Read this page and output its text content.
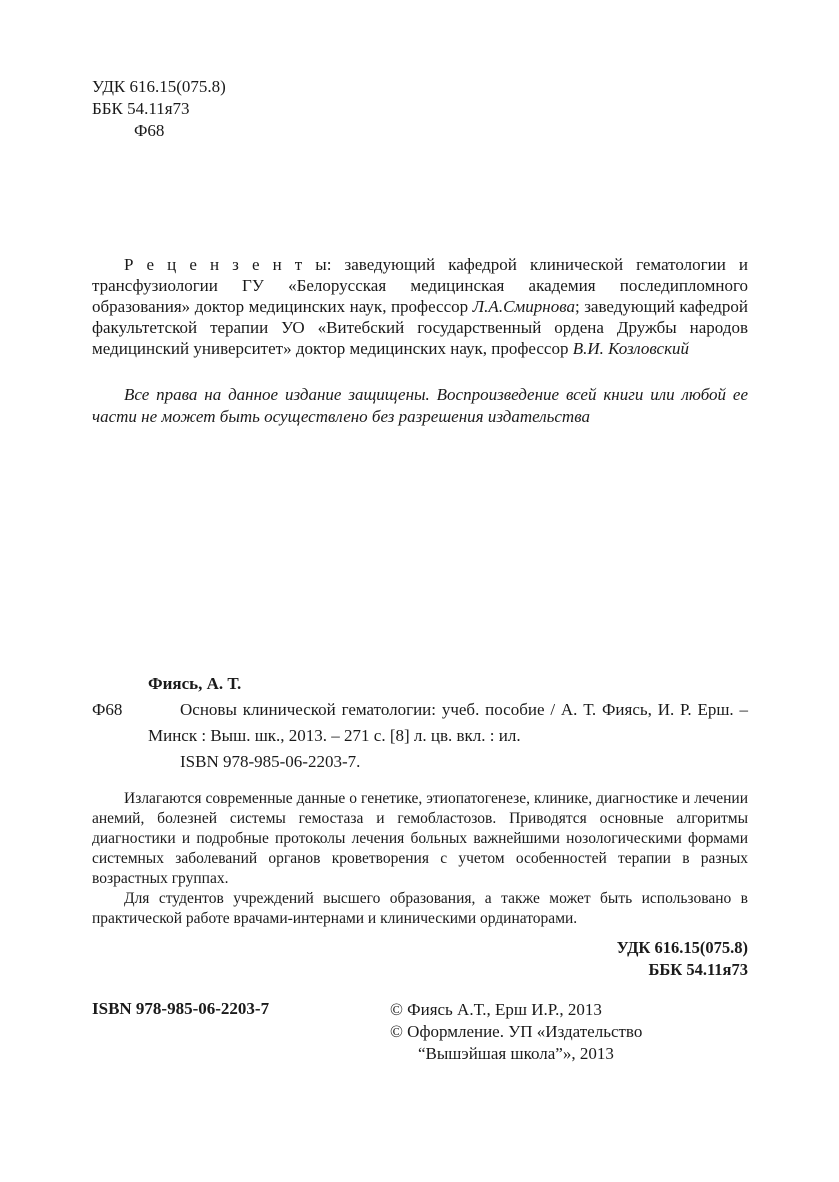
УДК 616.15(075.8)
ББК 54.11я73
Ф68
Р е ц е н з е н т ы: заведующий кафедрой клинической гематологии и трансфузиологии ГУ «Белорусская медицинская академия последипломного образования» доктор медицинских наук, профессор Л.А.Смирнова; заведующий кафедрой факультетской терапии УО «Витебский государственный ордена Дружбы народов медицинский университет» доктор медицинских наук, профессор В.И. Козловский
Все права на данное издание защищены. Воспроизведение всей книги или любой ее части не может быть осуществлено без разрешения издательства
Фиясь, А. Т.
Ф68	Основы клинической гематологии: учеб. пособие / А. Т. Фиясь, И. Р. Ерш. – Минск : Выш. шк., 2013. – 271 с. [8] л. цв. вкл. : ил.

ISBN 978-985-06-2203-7.

Излагаются современные данные о генетике, этиопатогенезе, клинике, диагностике и лечении анемий, болезней системы гемостаза и гемобластозов. Приводятся основные алгоритмы диагностики и подробные протоколы лечения больных важнейшими нозологическими формами системных заболеваний органов кроветворения с учетом особенностей терапии в разных возрастных группах.

Для студентов учреждений высшего образования, а также может быть использовано в практической работе врачами-интернами и клиническими ординаторами.

УДК 616.15(075.8)
ББК 54.11я73
ISBN 978-985-06-2203-7	© Фиясь А.Т., Ерш И.Р., 2013
© Оформление. УП «Издательство “Вышэйшая школа”», 2013
